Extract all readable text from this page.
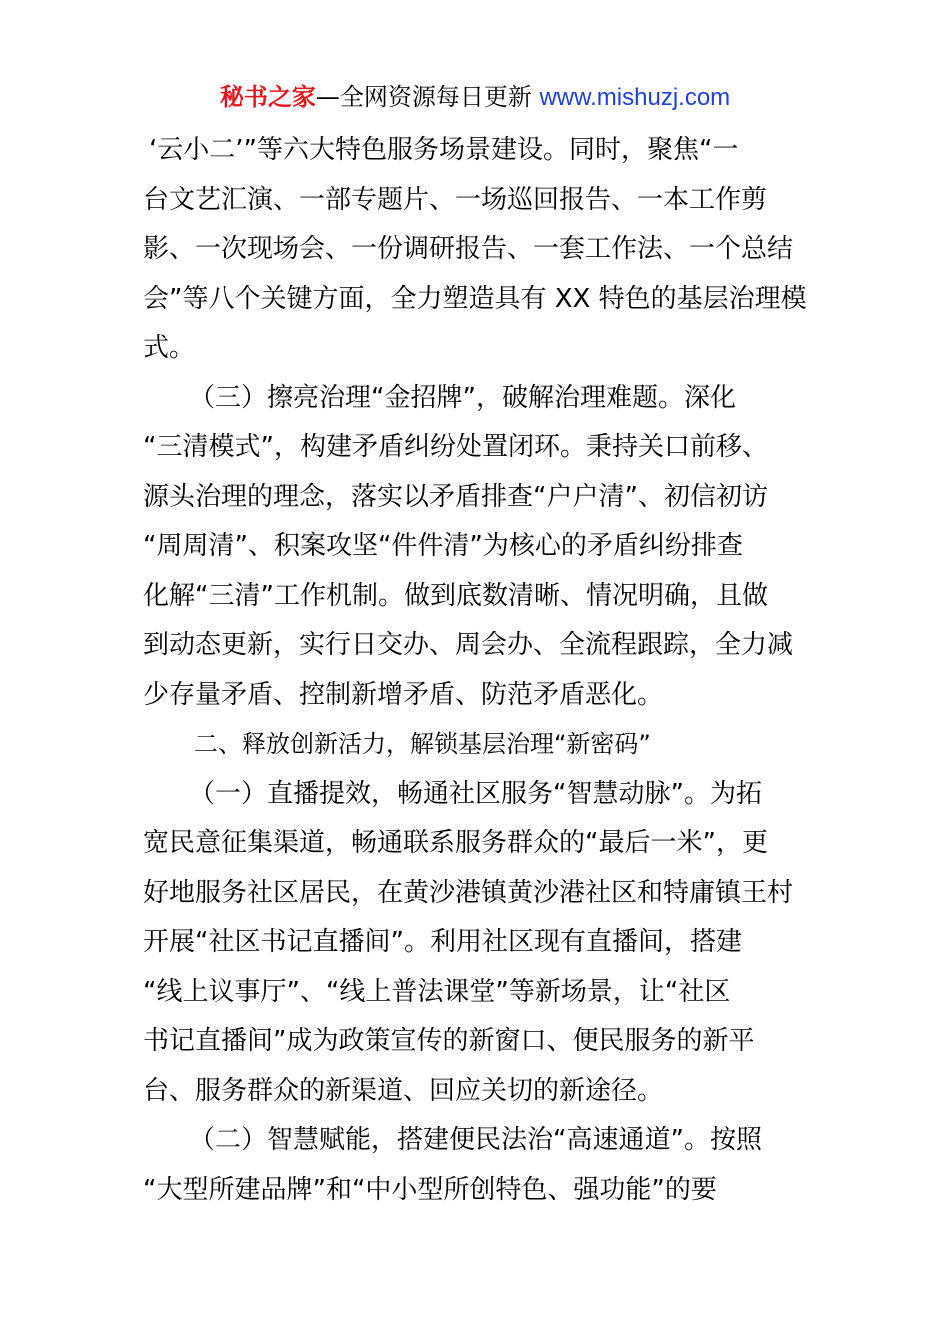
秘书之家—全网资源每日更新 www.mishuzj.com
‘云小二’”等六大特色服务场景建设。同时，聚焦“一
台文艺汇演、一部专题片、一场巡回报告、一本工作剪
影、一次现场会、一份调研报告、一套工作法、一个总结
会”等八个关键方面，全力塑造具有 XX 特色的基层治理模
式。
（三）擦亮治理“金招牌”，破解治理难题。深化
“三清模式”，构建矛盾纠纷处置闭环。秉持关口前移、
源头治理的理念，落实以矛盾排查“户户清”、初信初访
“周周清”、积案攻坚“件件清”为核心的矛盾纠纷排查
化解“三清”工作机制。做到底数清晰、情况明确，且做
到动态更新，实行日交办、周会办、全流程跟踪，全力减
少存量矛盾、控制新增矛盾、防范矛盾恶化。
二、释放创新活力，解锁基层治理“新密码”
（一）直播提效，畅通社区服务“智慧动脉”。为拓
宽民意征集渠道，畅通联系服务群众的“最后一米”，更
好地服务社区居民，在黄沙港镇黄沙港社区和特庸镇王村
开展“社区书记直播间”。利用社区现有直播间，搭建
“线上议事厅”、“线上普法课堂”等新场景，让“社区
书记直播间”成为政策宣传的新窗口、便民服务的新平
台、服务群众的新渠道、回应关切的新途径。
（二）智慧赋能，搭建便民法治“高速通道”。按照
“大型所建品牌”和“中小型所创特色、强功能”的要
